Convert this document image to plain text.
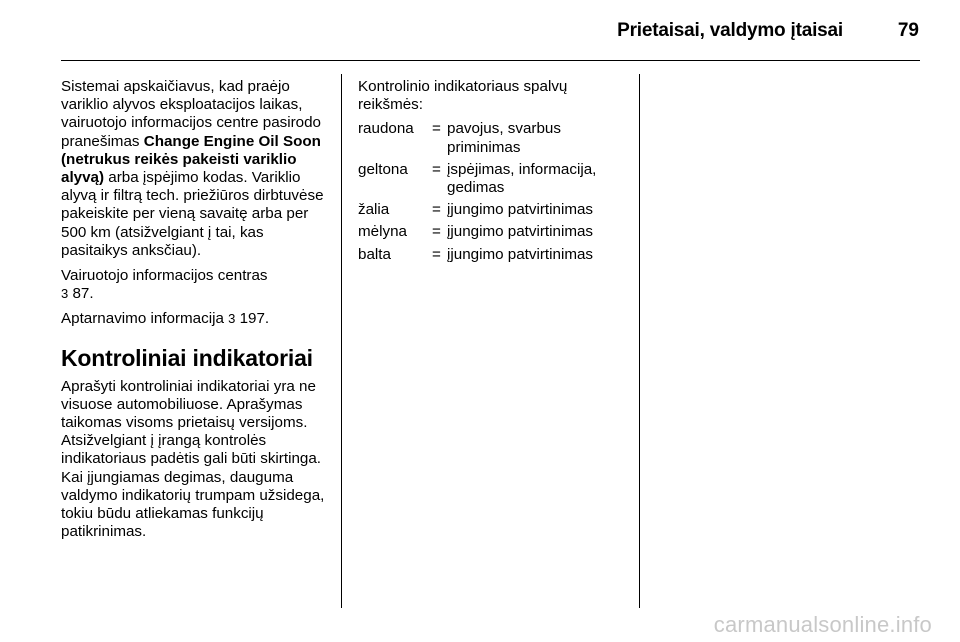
Prietaisai, valdymo įtaisai	79

Sistemai apskaičiavus, kad praėjo variklio alyvos eksploatacijos laikas, vairuotojo informacijos centre pasirodo pranešimas Change Engine Oil Soon (netrukus reikės pakeisti variklio alyvą) arba įspėjimo kodas. Variklio alyvą ir filtrą tech. priežiūros dirbtuvėse pakeiskite per vieną savaitę arba per 500 km (atsižvelgiant į tai, kas pasitaikys anksčiau).

Vairuotojo informacijos centras
3 87.

Aptarnavimo informacija 3 197.

Kontroliniai indikatoriai

Aprašyti kontroliniai indikatoriai yra ne visuose automobiliuose. Aprašymas taikomas visoms prietaisų versijoms. Atsižvelgiant į įrangą kontrolės indikatoriaus padėtis gali būti skirtinga. Kai įjungiamas degimas, dauguma valdymo indikatorių trumpam užsidega, tokiu būdu atliekamas funkcijų patikrinimas.

Kontrolinio indikatoriaus spalvų reikšmės:
raudona	= pavojus, svarbus priminimas
geltona	= įspėjimas, informacija, gedimas
žalia	= įjungimo patvirtinimas
mėlyna	= įjungimo patvirtinimas
balta	= įjungimo patvirtinimas
carmanualsonline.info
